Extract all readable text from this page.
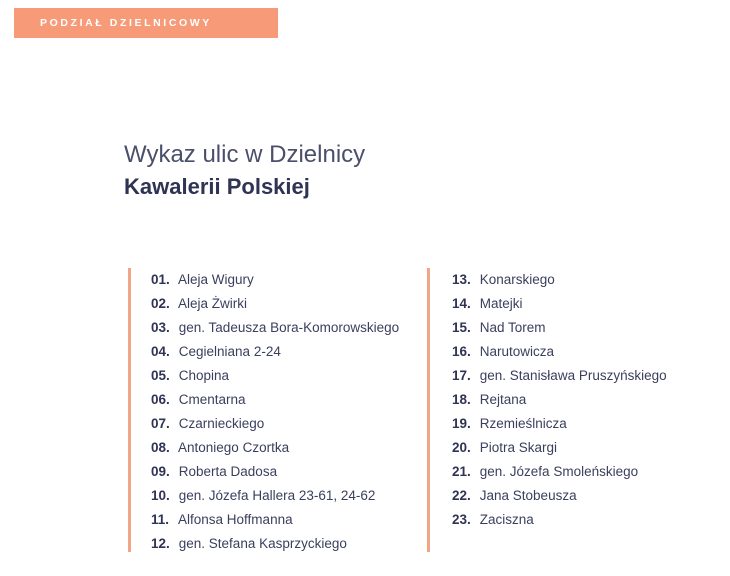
PODZIAŁ DZIELNICOWY
Wykaz ulic w Dzielnicy
Kawalerii Polskiej
01. Aleja Wigury
02. Aleja Żwirki
03. gen. Tadeusza Bora-Komorowskiego
04. Cegielniana 2-24
05. Chopina
06. Cmentarna
07. Czarnieckiego
08. Antoniego Czortka
09. Roberta Dadosa
10. gen. Józefa Hallera 23-61, 24-62
11. Alfonsa Hoffmanna
12. gen. Stefana Kasprzyckiego
13. Konarskiego
14. Matejki
15. Nad Torem
16. Narutowicza
17. gen. Stanisława Pruszyńskiego
18. Rejtana
19. Rzemieślnicza
20. Piotra Skargi
21. gen. Józefa Smoleńskiego
22. Jana Stobeusza
23. Zaciszna
